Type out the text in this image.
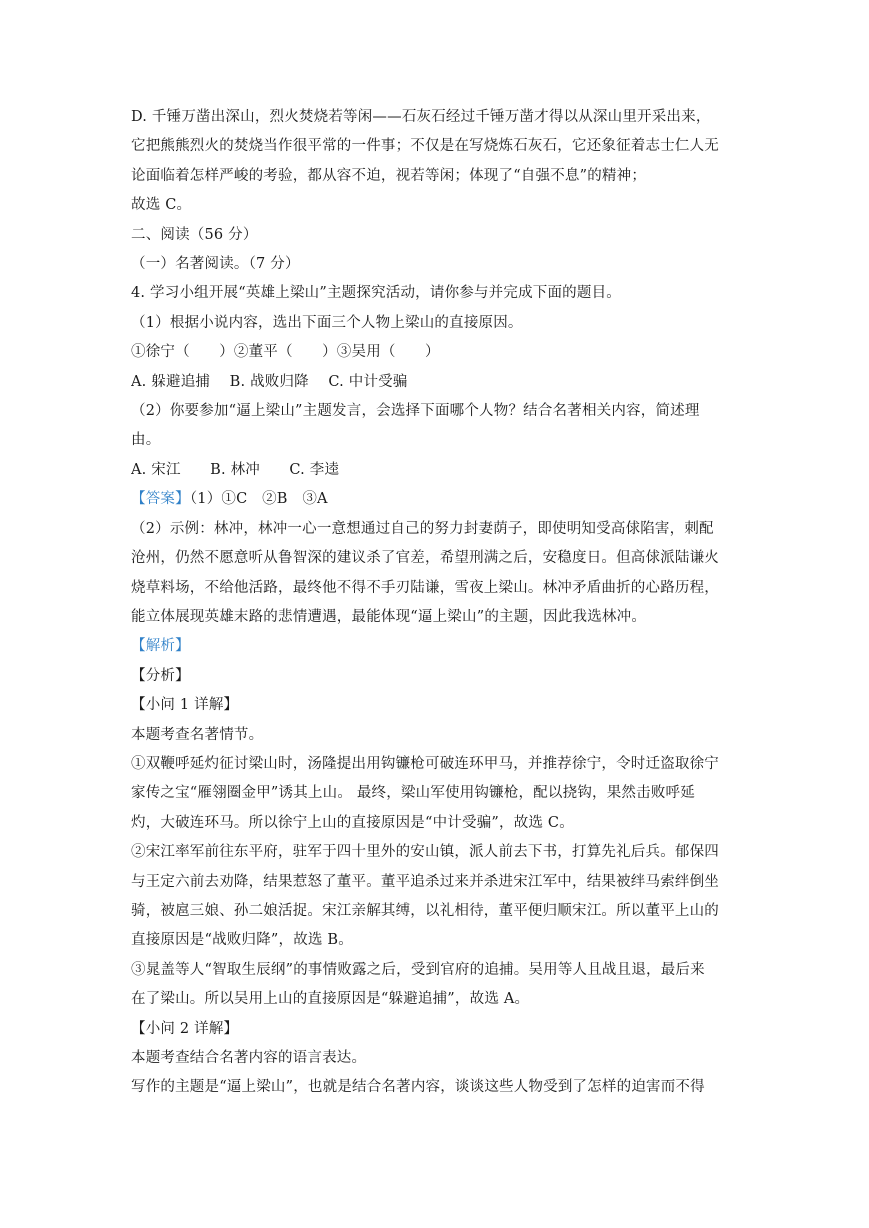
D. 千锤万凿出深山，烈火焚烧若等闲——石灰石经过千锤万凿才得以从深山里开采出来，
它把熊熊烈火的焚烧当作很平常的一件事；不仅是在写烧炼石灰石，它还象征着志士仁人无
论面临着怎样严峻的考验，都从容不迫，视若等闲；体现了“自强不息”的精神；
故选 C。
二、阅读（56 分）
（一）名著阅读。（7 分）
4. 学习小组开展“英雄上梁山”主题探究活动，请你参与并完成下面的题目。
（1）根据小说内容，选出下面三个人物上梁山的直接原因。
①徐宁（　　）②董平（　　）③吴用（　　）
A. 躲避追捕　 B. 战败归降　 C. 中计受骗
（2）你要参加“逼上梁山”主题发言，会选择下面哪个人物？结合名著相关内容，简述理
由。
A. 宋江　　B. 林冲　　C. 李逵
【答案】（1）①C　②B　③A
（2）示例：林冲，林冲一心一意想通过自己的努力封妻荫子，即使明知受高俅陷害，刺配
沧州，仍然不愿意听从鲁智深的建议杀了官差，希望刑满之后，安稳度日。但高俅派陆谦火
烧草料场，不给他活路，最终他不得不手刃陆谦，雪夜上梁山。林冲矛盾曲折的心路历程，
能立体展现英雄末路的悲情遭遇，最能体现“逼上梁山”的主题，因此我选林冲。
【解析】
【分析】
【小问 1 详解】
本题考查名著情节。
①双鞭呼延灼征讨梁山时，汤隆提出用钩镰枪可破连环甲马，并推荐徐宁，令时迁盗取徐宁
家传之宝“雁翎圈金甲”诱其上山。 最终，梁山军使用钩镰枪，配以挠钩，果然击败呼延
灼，大破连环马。所以徐宁上山的直接原因是“中计受骗”，故选 C。
②宋江率军前往东平府，驻军于四十里外的安山镇，派人前去下书，打算先礼后兵。郁保四
与王定六前去劝降，结果惹怒了董平。董平追杀过来并杀进宋江军中，结果被绊马索绊倒坐
骑，被扈三娘、孙二娘活捉。宋江亲解其缚，以礼相待，董平便归顺宋江。所以董平上山的
直接原因是“战败归降”，故选 B。
③晁盖等人“智取生辰纲”的事情败露之后，受到官府的追捕。吴用等人且战且退，最后来
在了梁山。所以吴用上山的直接原因是“躲避追捕”，故选 A。
【小问 2 详解】
本题考查结合名著内容的语言表达。
写作的主题是“逼上梁山”，也就是结合名著内容，谈谈这些人物受到了怎样的迫害而不得
